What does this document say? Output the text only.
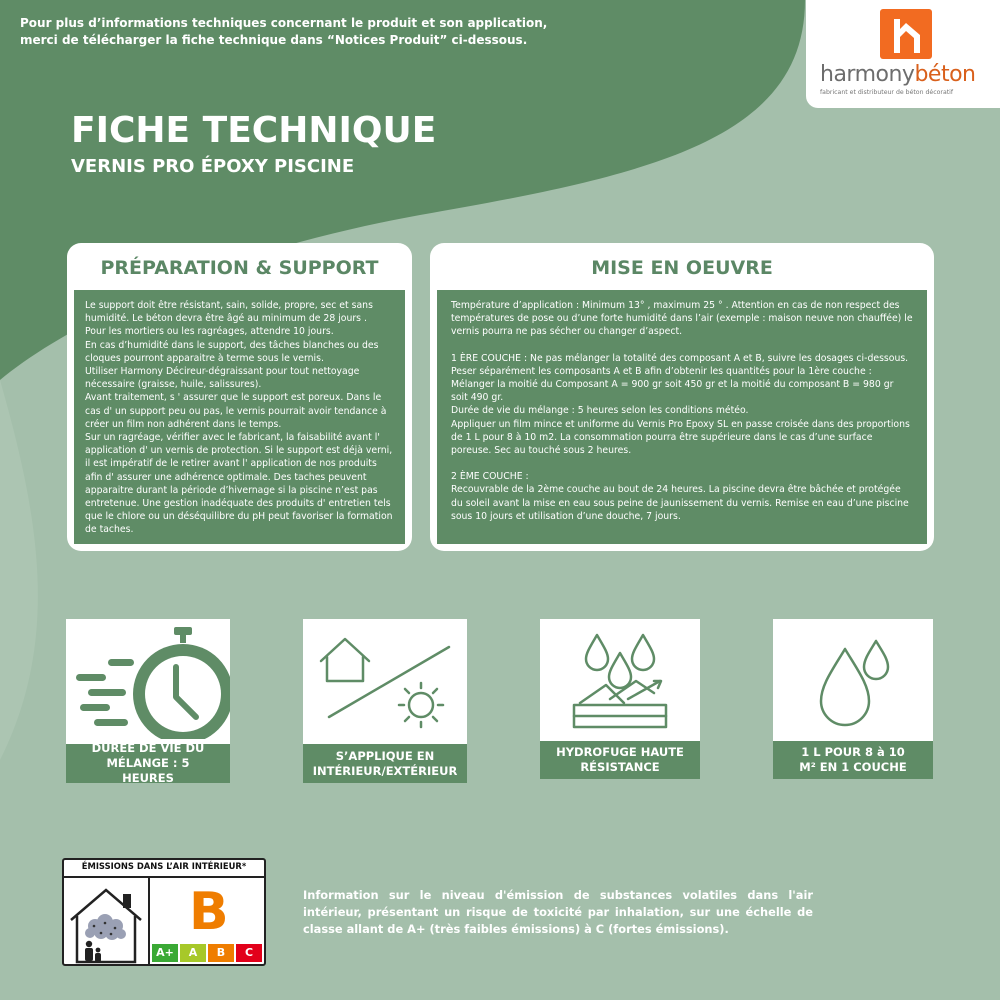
Pour plus d’informations techniques concernant le produit et son application,

merci de télécharger la fiche technique dans “Notices Produit” ci-dessous.

harmonybéton
fabricant et distributeur de béton décoratif
FICHE TECHNIQUE
VERNIS PRO ÉPOXY PISCINE
PRÉPARATION & SUPPORT

Le support doit être résistant, sain, solide, propre, sec et sans humidité. Le béton devra être âgé au minimum de 28 jours .
Pour les mortiers ou les ragréages, attendre 10 jours.
En cas d’humidité dans le support, des tâches blanches ou des cloques pourront apparaitre à terme sous le vernis.
Utiliser Harmony Décireur-dégraissant pour tout nettoyage nécessaire (graisse, huile, salissures).
Avant traitement, s ' assurer que le support est poreux. Dans le cas d' un support peu ou pas, le vernis pourrait avoir tendance à créer un film non adhérent dans le temps.
Sur un ragréage, vérifier avec le fabricant, la faisabilité avant l' application d' un vernis de protection. Si le support est déjà verni, il est impératif de le retirer avant l' application de nos produits afin d' assurer une adhérence optimale. Des taches peuvent apparaitre durant la période d’hivernage si la piscine n’est pas entretenue. Une gestion inadéquate des produits d' entretien tels que le chlore ou un déséquilibre du pH peut favoriser la formation de taches.

MISE EN OEUVRE

Température d’application : Minimum 13° , maximum 25 ° . Attention en cas de non respect des températures de pose ou d’une forte humidité dans l’air (exemple : maison neuve non chauffée) le vernis pourra ne pas sécher ou changer d’aspect.

1 ÈRE COUCHE : Ne pas mélanger la totalité des composant A et B, suivre les dosages ci-dessous. Peser séparément les composants A et B afin d’obtenir les quantités pour la 1ère couche : Mélanger la moitié du Composant A = 900 gr soit 450 gr et la moitié du composant B = 980 gr soit 490 gr.
Durée de vie du mélange : 5 heures selon les conditions météo.
Appliquer un film mince et uniforme du Vernis Pro Epoxy SL en passe croisée dans des proportions de 1 L pour 8 à 10 m2. La consommation pourra être supérieure dans le cas d’une surface poreuse. Sec au touché sous 2 heures.

2 ÈME COUCHE :
Recouvrable de la 2ème couche au bout de 24 heures. La piscine devra être bâchée et protégée du soleil avant la mise en eau sous peine de jaunissement du vernis. Remise en eau d’une piscine sous 10 jours et utilisation d’une douche, 7 jours.

DURÉE DE VIE DU MÉLANGE : 5 HEURES
S’APPLIQUE EN INTÉRIEUR/EXTÉRIEUR
HYDROFUGE HAUTE RÉSISTANCE
1 L POUR 8 à 10 M² EN 1 COUCHE
ÉMISSIONS DANS L’AIR INTÉRIEUR*
B
A+	A	B	C

Information sur le niveau d'émission de substances volatiles dans l'air intérieur, présentant un risque de toxicité par inhalation, sur une échelle de classe allant de A+ (très faibles émissions) à C (fortes émissions).
